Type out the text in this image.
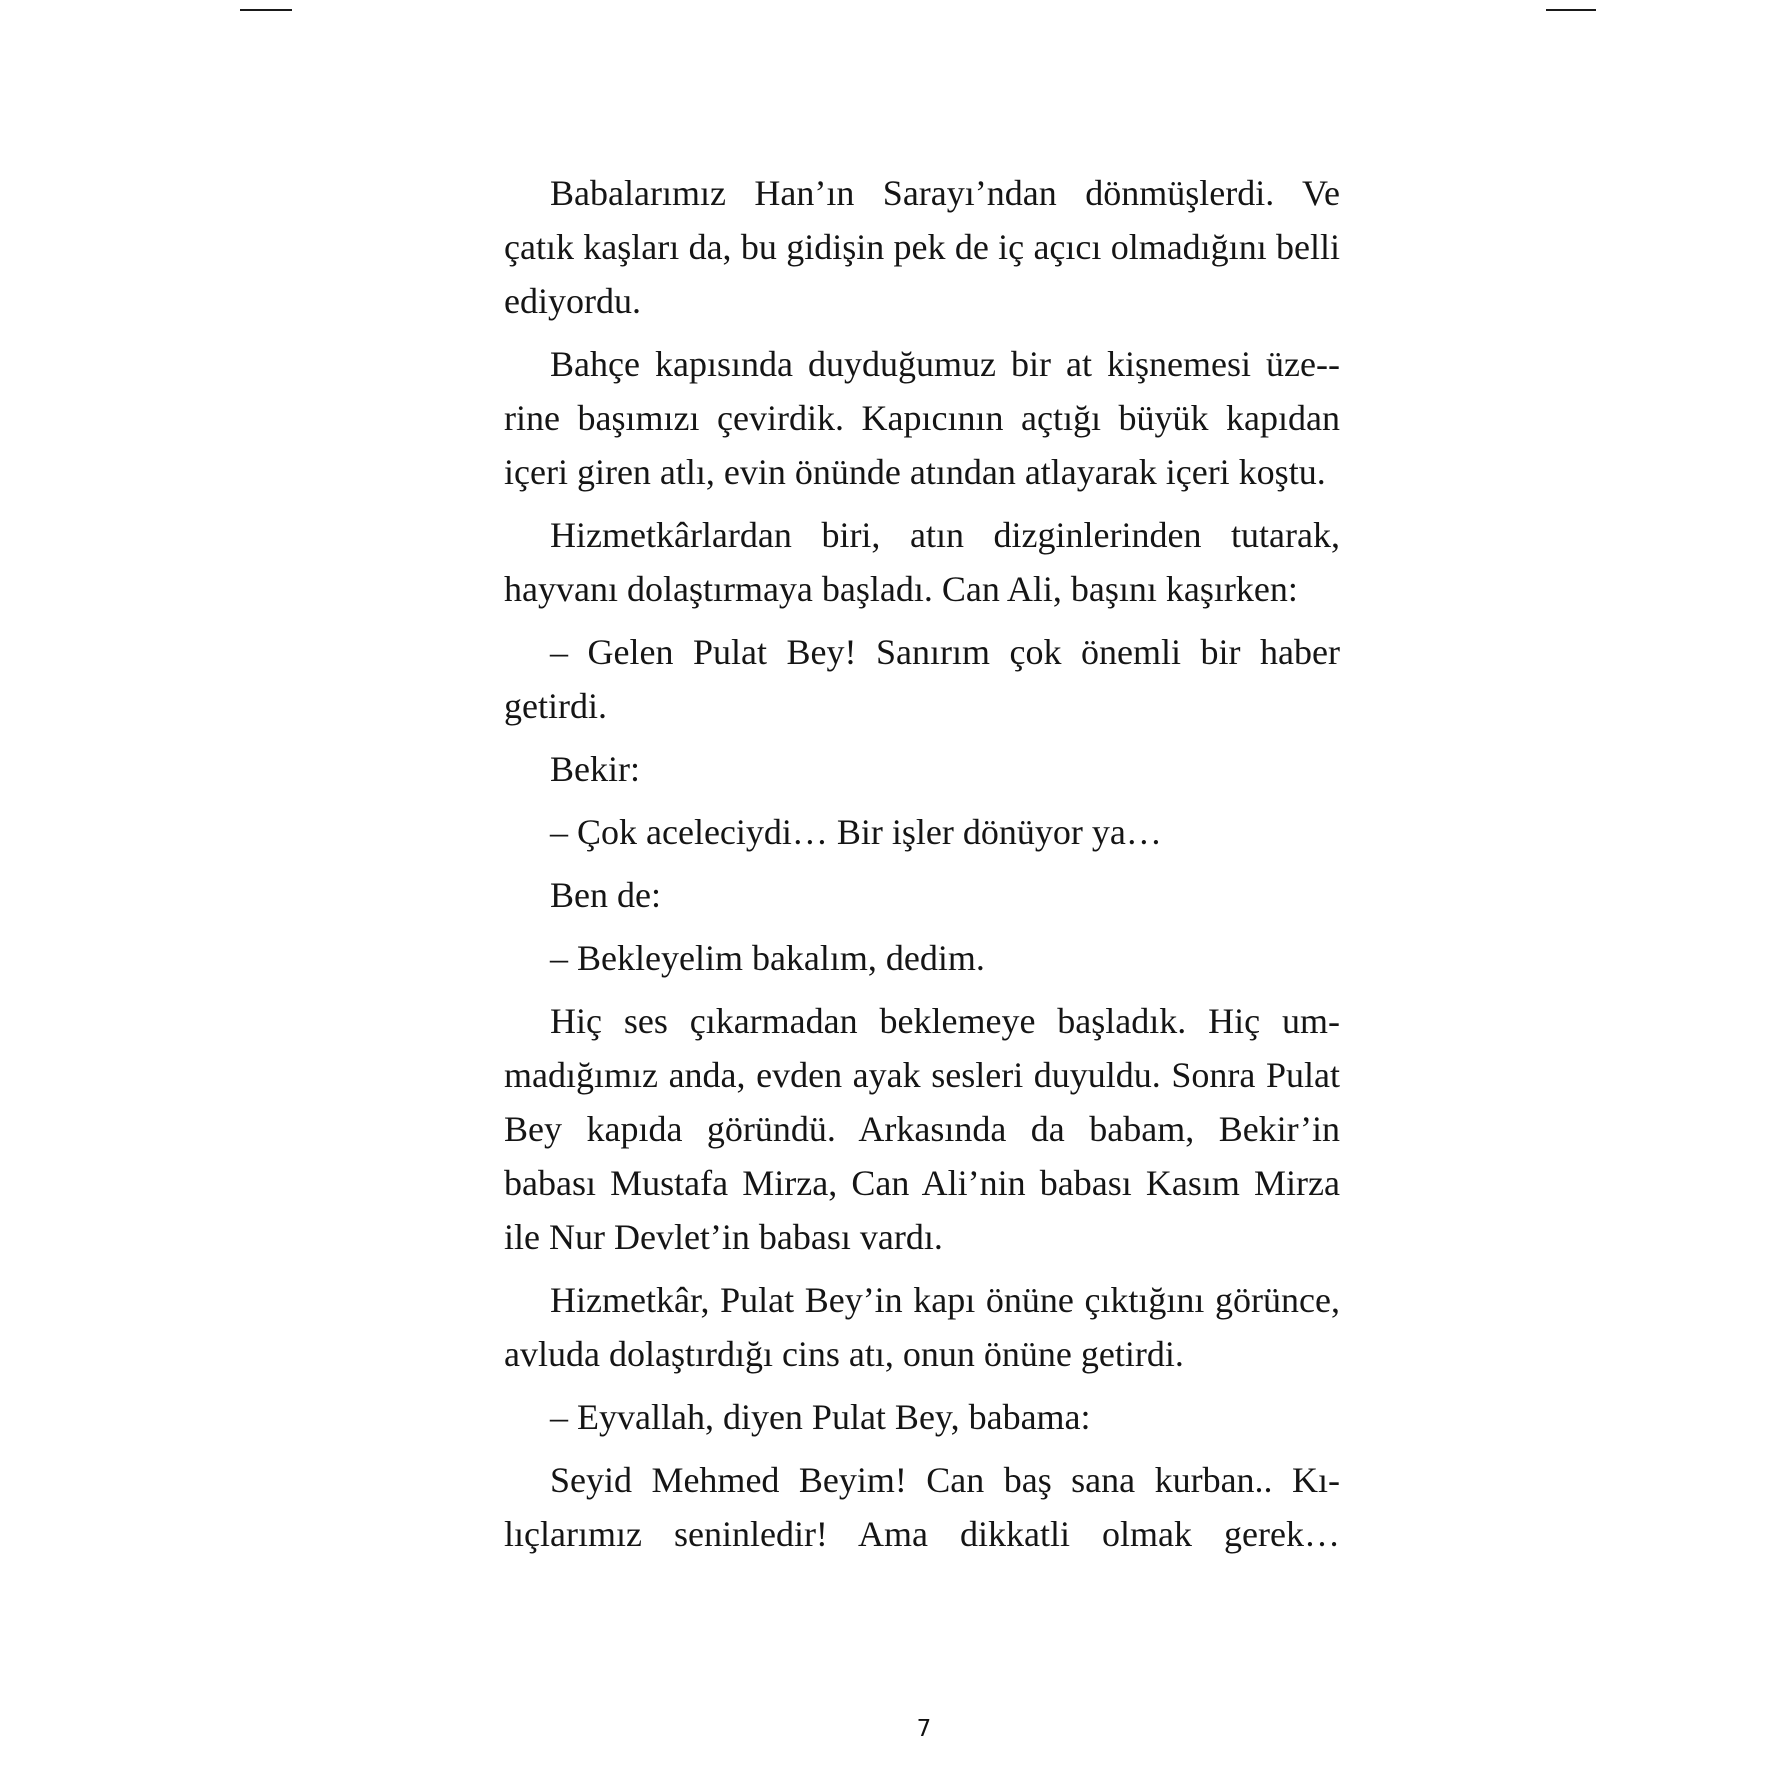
Babalarımız Han’ın Sarayı’ndan dönmüşlerdi. Ve çatık kaşları da, bu gidişin pek de iç açıcı olmadığını belli ediyordu.

Bahçe kapısında duyduğumuz bir at kişnemesi üze-rine başımızı çevirdik. Kapıcının açtığı büyük kapıdan içeri giren atlı, evin önünde atından atlayarak içeri koştu.

Hizmetkârlardan biri, atın dizginlerinden tutarak, hayvanı dolaştırmaya başladı. Can Ali, başını kaşırken:

– Gelen Pulat Bey! Sanırım çok önemli bir haber getirdi.

Bekir:

– Çok aceleciydi… Bir işler dönüyor ya…

Ben de:

– Bekleyelim bakalım, dedim.

Hiç ses çıkarmadan beklemeye başladık. Hiç ummadığımız anda, evden ayak sesleri duyuldu. Sonra Pulat Bey kapıda göründü. Arkasında da babam, Bekir’in babası Mustafa Mirza, Can Ali’nin babası Kasım Mirza ile Nur Devlet’in babası vardı.

Hizmetkâr, Pulat Bey’in kapı önüne çıktığını görünce, avluda dolaştırdığı cins atı, onun önüne getirdi.

– Eyvallah, diyen Pulat Bey, babama:

Seyid Mehmed Beyim! Can baş sana kurban.. Kılıçlarımız seninledir! Ama dikkatli olmak gerek…

7
